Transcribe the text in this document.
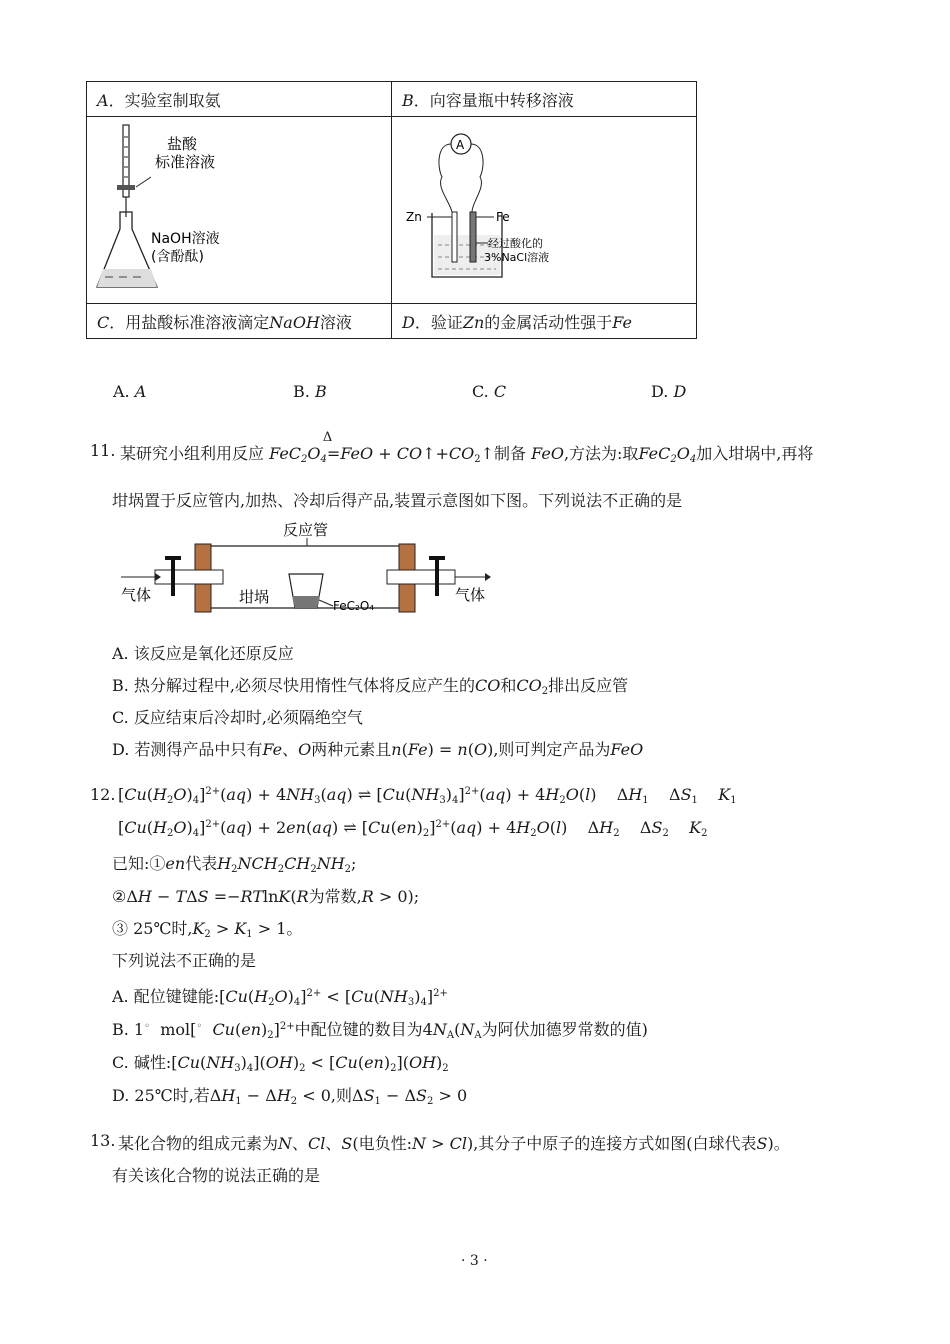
A．实验室制取氨	B．向容量瓶中转移溶液

盐酸
标准溶液
NaOH溶液
(含酚酞)	A
Zn Fe
经过酸化的
3%NaCl溶液

C．用盐酸标准溶液滴定NaOH溶液	D．验证Zn的金属活动性强于Fe
A. A	B. B	C. C	D. D
11. 某研究小组利用反应 $FeC_2O_4$
Δ
$=FeO + CO↑+CO_2↑$制备 FeO,方法为:取$FeC_2O_4$加入坩埚中,再将
坩埚置于反应管内,加热、冷却后得产品,装置示意图如下图。下列说法不正确的是
反应管
气体	气体
坩埚	FeC₂O₄
A. 该反应是氧化还原反应
B. 热分解过程中,必须尽快用惰性气体将反应产生的CO和$CO_2$排出反应管
C. 反应结束后冷却时,必须隔绝空气
D. 若测得产品中只有Fe、O两种元素且n(Fe) = n(O),则可判定产品为FeO
12. $[Cu(H_2O)_4]^{2+}(aq) + 4NH_3(aq)$ ⇌ $[Cu(NH_3)_4]^{2+}(aq) + 4H_2O(l)$    $\Delta H_1$    $\Delta S_1$ $K_1$
$[Cu(H_2O)_4]^{2+}(aq) + 2en(aq)$ ⇌ $[Cu(en)_2]^{2+}(aq) + 4H_2O(l)$    $\Delta H_2$    $\Delta S_2$ $K_2$
已知:①en代表$H_2NCH_2CH_2NH_2$;
②ΔH − TΔS =−RTlnK(R为常数,R > 0);
③ 25℃时$,K_2 > K_1 > 1$。
下列说法不正确的是
A. 配位键键能$:[Cu(H_2O)_4]^{2+} < [Cu(NH_3)_4]^{2+}$
B. 1◦ mol[◦ $Cu(en)_2]^{2+}$中配位键的数目为$4N_A(N_A$为阿伏加德罗常数的值)
C. 碱性$:[Cu(NH_3)_4](OH)_2 < [Cu(en)_2](OH)_2$
D. 25℃时,若$\Delta H_1 - \Delta H_2 < 0$,则$\Delta S_1 - \Delta S_2 > 0$
13. 某化合物的组成元素为N、Cl、S(电负性:N > Cl),其分子中原子的连接方式如图(白球代表S)。
有关该化合物的说法正确的是
· 3 ·
